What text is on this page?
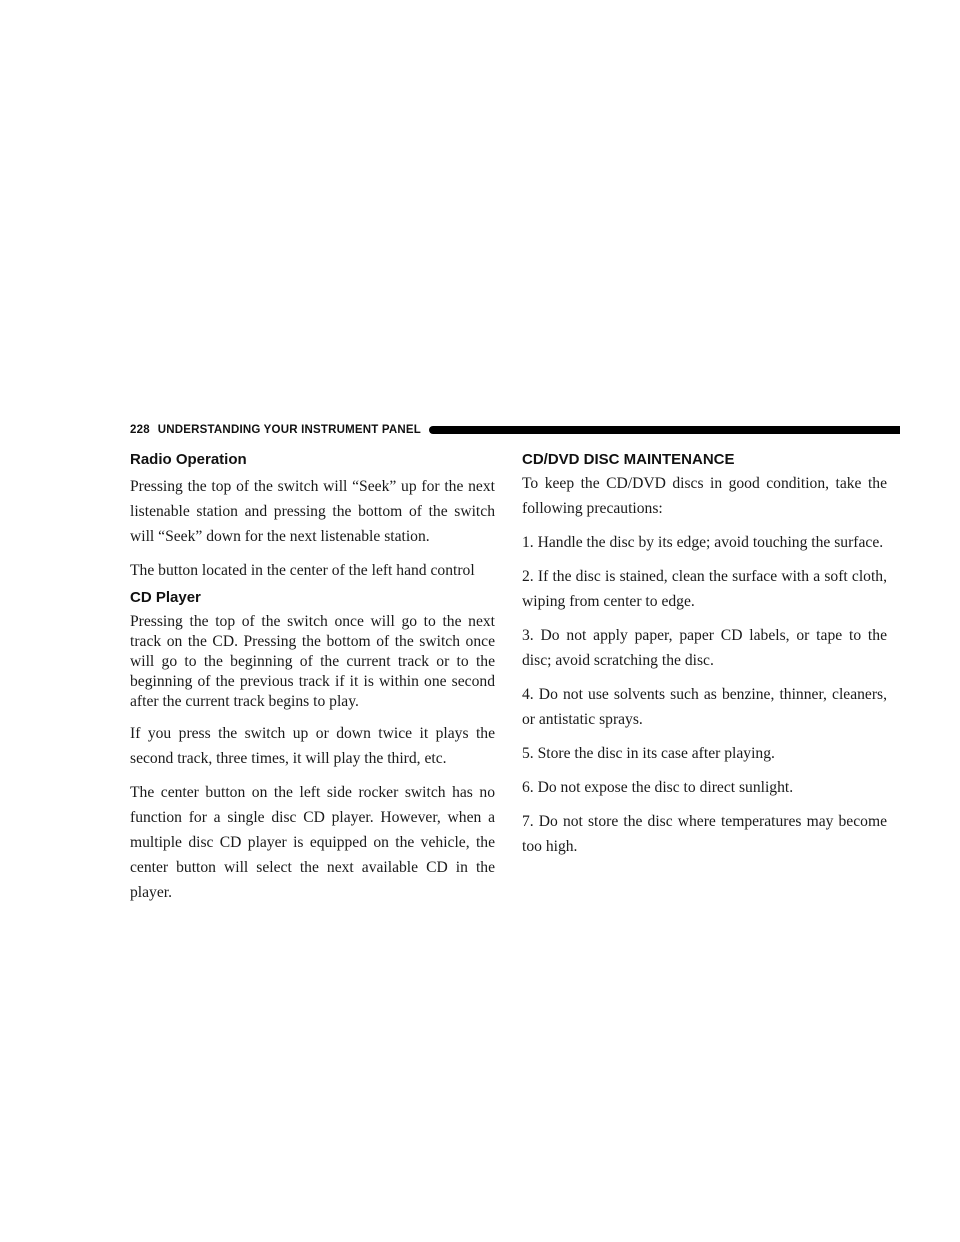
228 UNDERSTANDING YOUR INSTRUMENT PANEL
Radio Operation

Pressing the top of the switch will “Seek” up for the next listenable station and pressing the bottom of the switch will “Seek” down for the next listenable station.

The button located in the center of the left hand control

CD Player

Pressing the top of the switch once will go to the next track on the CD. Pressing the bottom of the switch once will go to the beginning of the current track or to the beginning of the previous track if it is within one second after the current track begins to play.

If you press the switch up or down twice it plays the second track, three times, it will play the third, etc.

The center button on the left side rocker switch has no function for a single disc CD player. However, when a multiple disc CD player is equipped on the vehicle, the center button will select the next available CD in the player.

CD/DVD DISC MAINTENANCE

To keep the CD/DVD discs in good condition, take the following precautions:

1. Handle the disc by its edge; avoid touching the surface.

2. If the disc is stained, clean the surface with a soft cloth, wiping from center to edge.

3. Do not apply paper, paper CD labels, or tape to the disc; avoid scratching the disc.

4. Do not use solvents such as benzine, thinner, cleaners, or antistatic sprays.

5. Store the disc in its case after playing.

6. Do not expose the disc to direct sunlight.

7. Do not store the disc where temperatures may become too high.
